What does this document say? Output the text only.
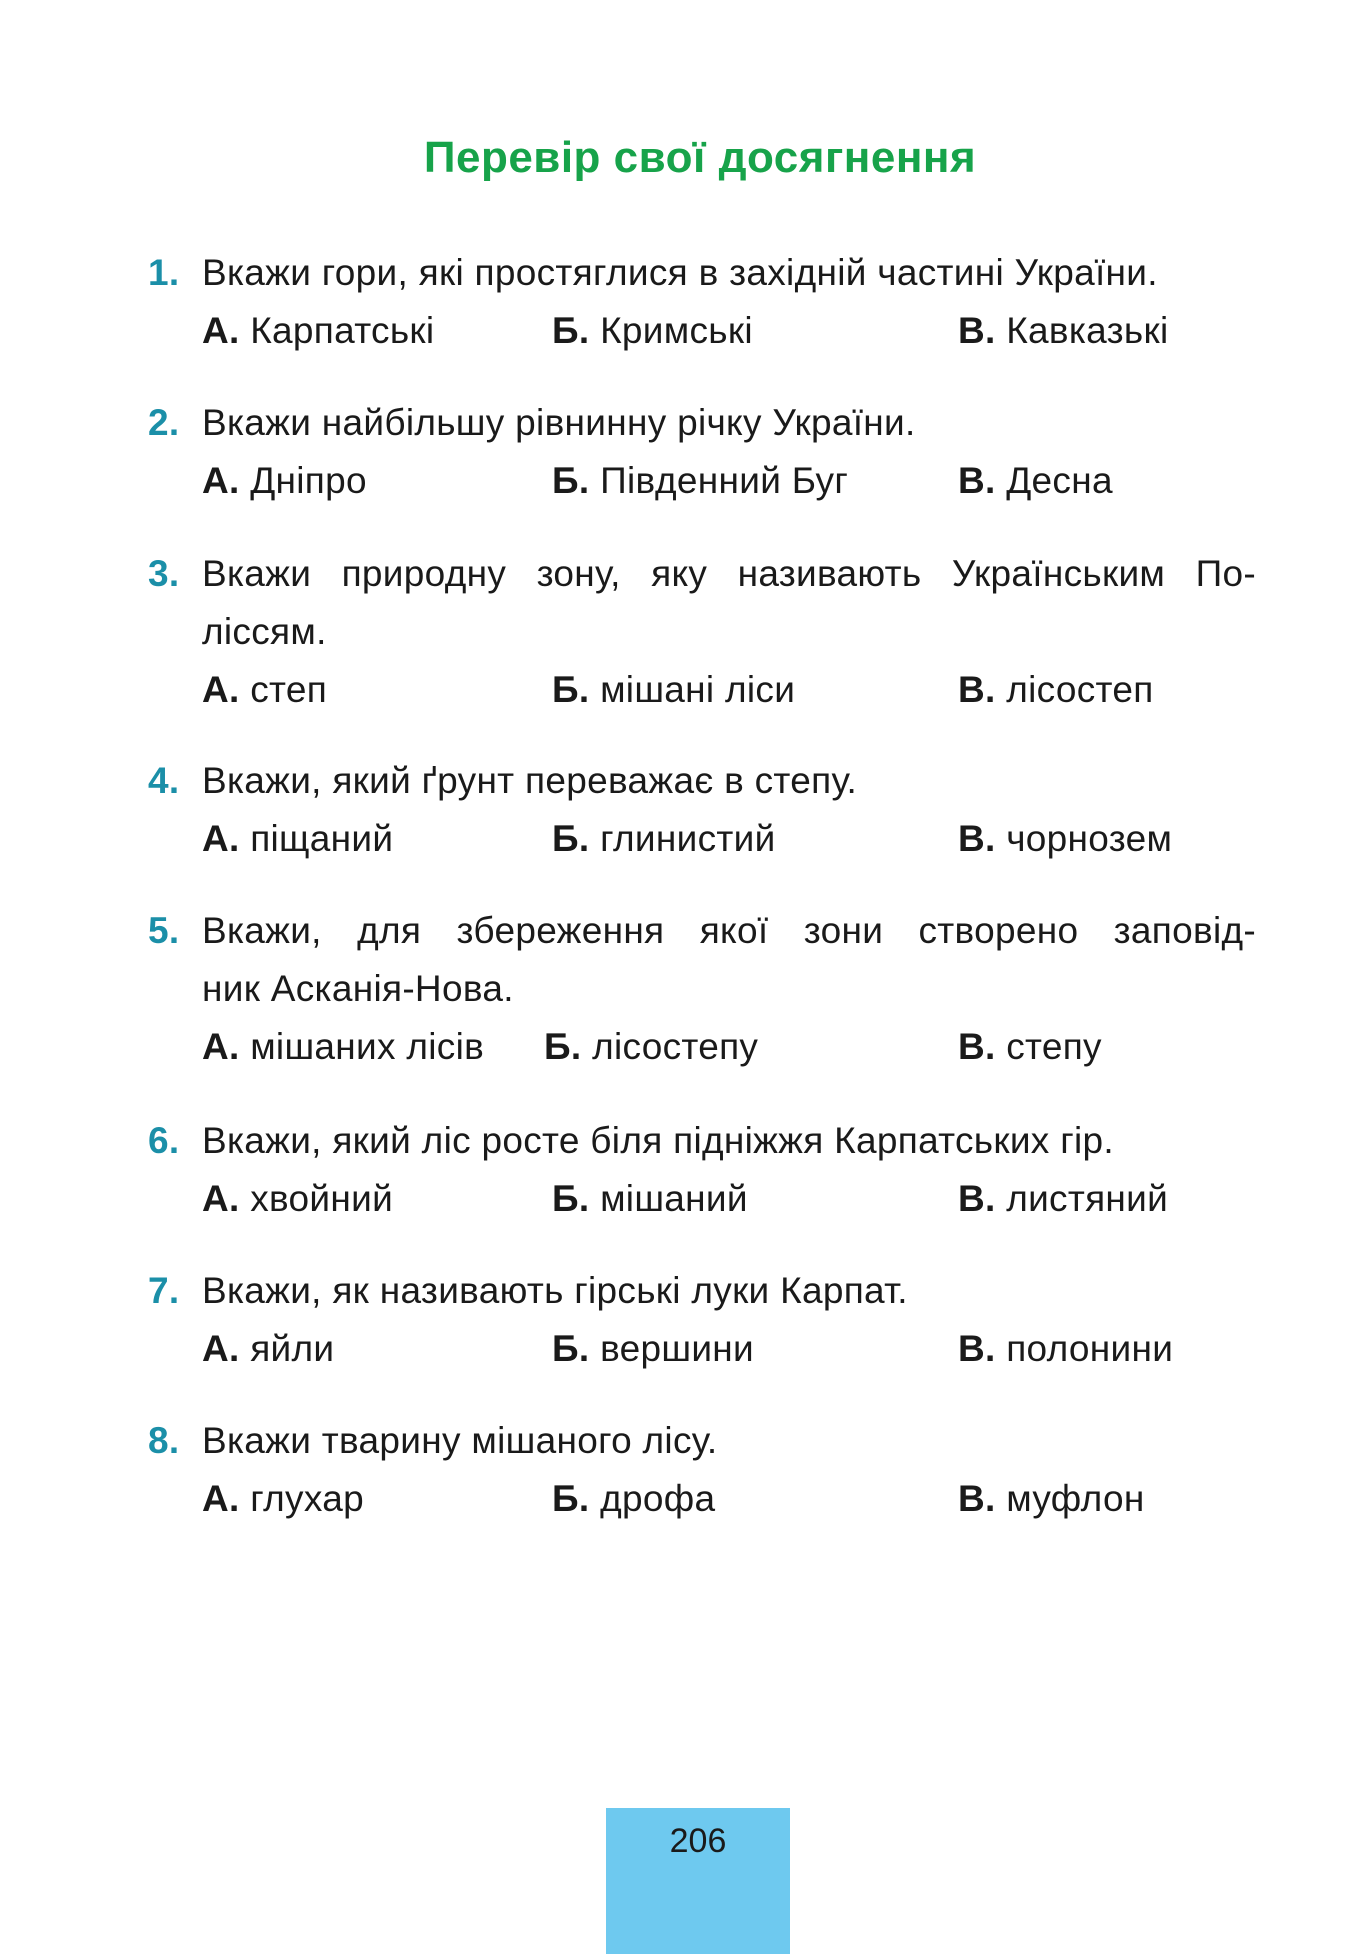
Перевір свої досягнення
1. Вкажи гори, які простяглися в західній частині України.
А. Карпатські	Б. Кримські	В. Кавказькі
2. Вкажи найбільшу рівнинну річку України.
А. Дніпро	Б. Південний Буг	В. Десна
3. Вкажи природну зону, яку називають Українським По-
ліссям.
А. степ	Б. мішані ліси	В. лісостеп
4. Вкажи, який ґрунт переважає в степу.
А. піщаний	Б. глинистий	В. чорнозем
5. Вкажи, для збереження якої зони створено заповід-
ник Асканія-Нова.
А. мішаних лісів Б. лісостепу	В. степу
6. Вкажи, який ліс росте біля підніжжя Карпатських гір.
А. хвойний	Б. мішаний	В. листяний
7. Вкажи, як називають гірські луки Карпат.
А. яйли	Б. вершини	В. полонини
8. Вкажи тварину мішаного лісу.
А. глухар	Б. дрофа	В. муфлон
206
